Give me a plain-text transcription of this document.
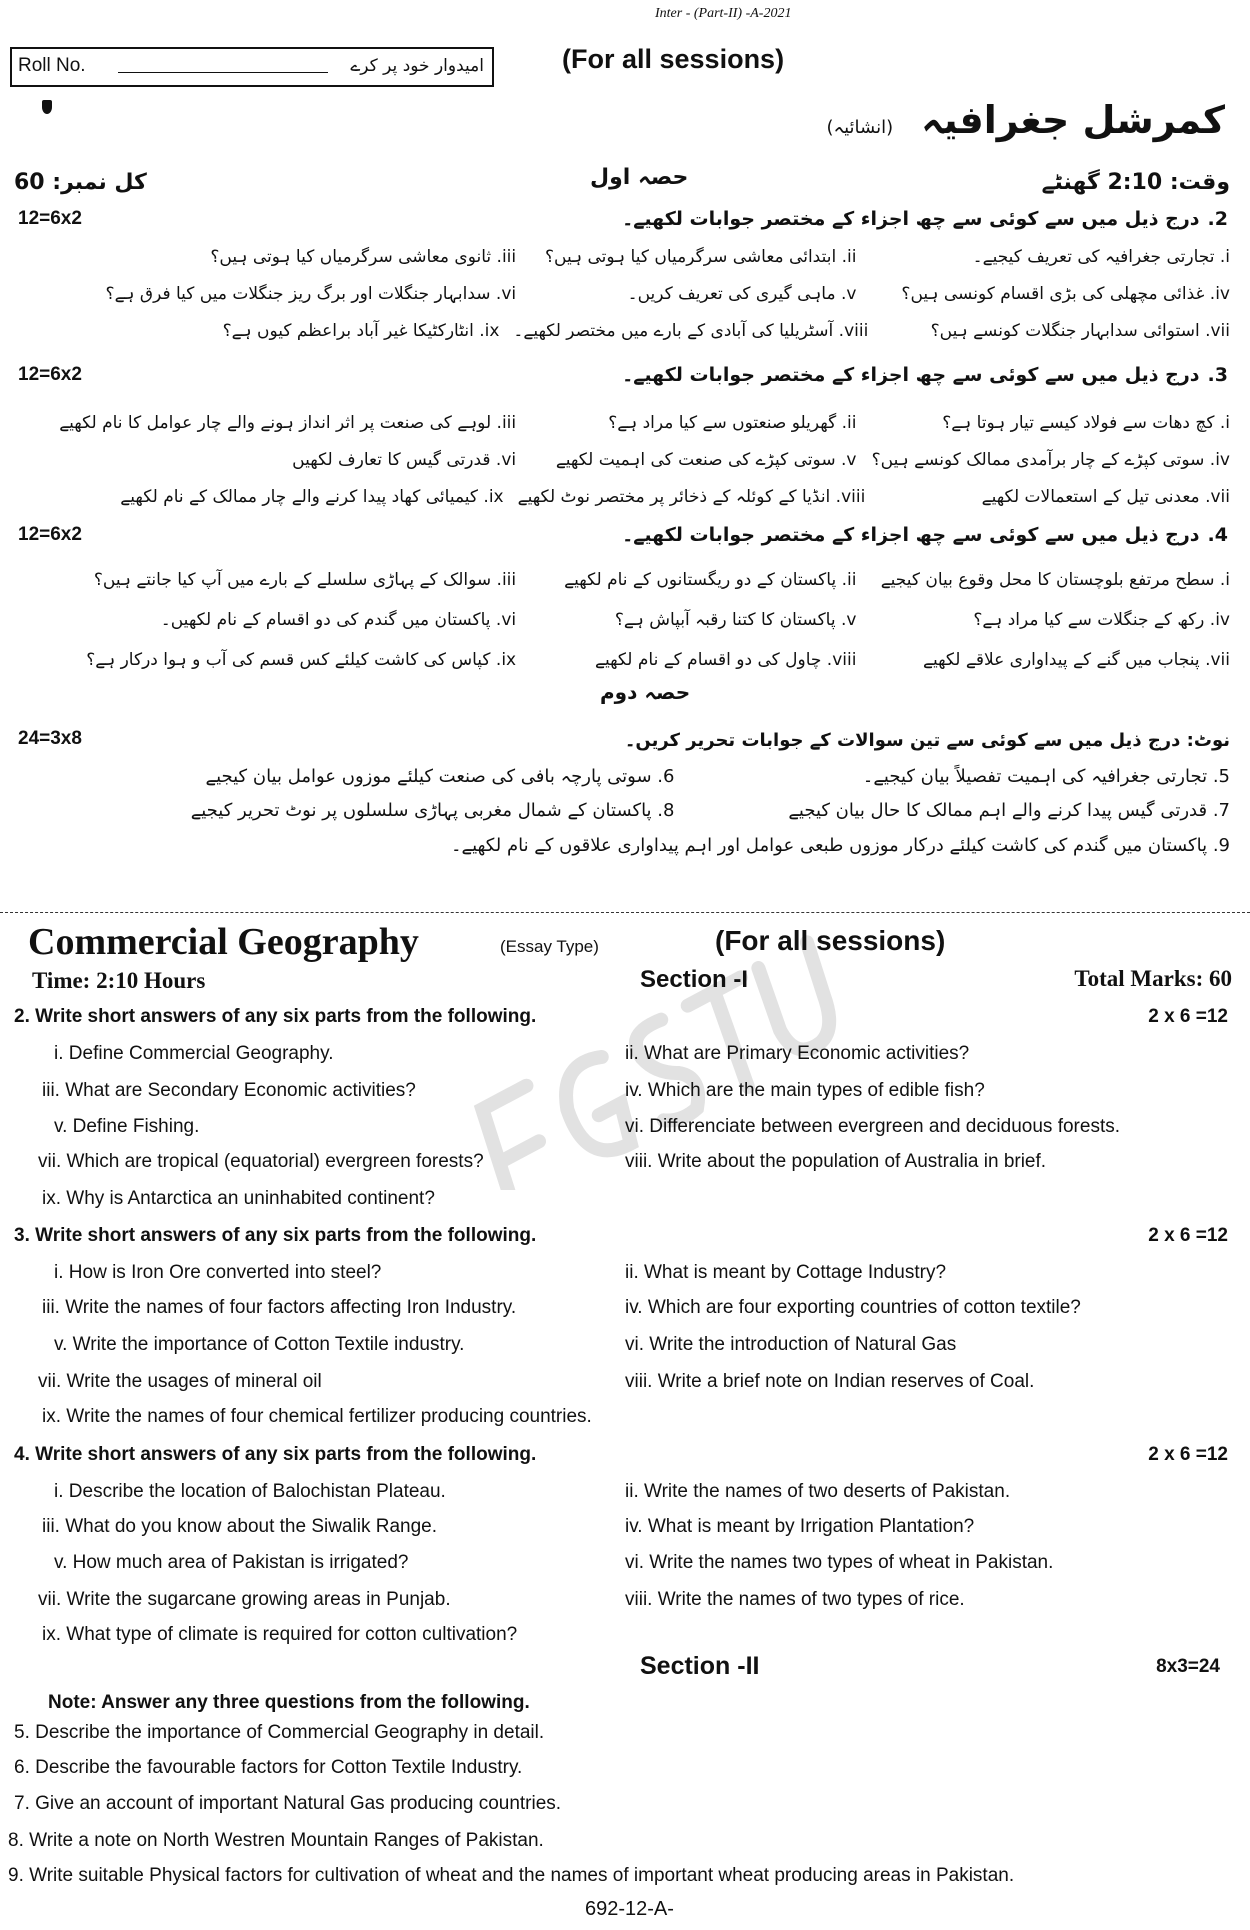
Inter - (Part-II) -A-2021
Roll No.	امیدوار خود پر کرے	(For all sessions)
کمرشل جغرافیہ
(انشائیہ)
کل نمبر: 60	حصہ اول	وقت: 2:10 گھنٹے
2.
درج ذیل میں سے کوئی سے چھ اجزاء کے مختصر جوابات لکھیے۔
12=6x2
i. تجارتی جغرافیہ کی تعریف کیجیے۔
ii. ابتدائی معاشی سرگرمیاں کیا ہوتی ہیں؟
iii. ثانوی معاشی سرگرمیاں کیا ہوتی ہیں؟
iv. غذائی مچھلی کی بڑی اقسام کونسی ہیں؟
v. ماہی گیری کی تعریف کریں۔
vi. سدابہار جنگلات اور برگ ریز جنگلات میں کیا فرق ہے؟
vii. استوائی سدابہار جنگلات کونسے ہیں؟
viii. آسٹریلیا کی آبادی کے بارے میں مختصر لکھیے۔
ix. انٹارکٹیکا غیر آباد براعظم کیوں ہے؟
3.
درج ذیل میں سے کوئی سے چھ اجزاء کے مختصر جوابات لکھیے۔
12=6x2
i. کچ دھات سے فولاد کیسے تیار ہوتا ہے؟
ii. گھریلو صنعتوں سے کیا مراد ہے؟
iii. لوہے کی صنعت پر اثر انداز ہونے والے چار عوامل کا نام لکھیے
iv. سوتی کپڑے کے چار برآمدی ممالک کونسے ہیں؟
v. سوتی کپڑے کی صنعت کی اہمیت لکھیے
vi. قدرتی گیس کا تعارف لکھیں
vii. معدنی تیل کے استعمالات لکھیے
viii. انڈیا کے کوئلہ کے ذخائر پر مختصر نوٹ لکھیے
ix. کیمیائی کھاد پیدا کرنے والے چار ممالک کے نام لکھیے
4.
درج ذیل میں سے کوئی سے چھ اجزاء کے مختصر جوابات لکھیے۔
12=6x2
i. سطح مرتفع بلوچستان کا محل وقوع بیان کیجیے
ii. پاکستان کے دو ریگستانوں کے نام لکھیے
iii. سوالک کے پہاڑی سلسلے کے بارے میں آپ کیا جانتے ہیں؟
iv. رکھ کے جنگلات سے کیا مراد ہے؟
v. پاکستان کا کتنا رقبہ آبپاش ہے؟
vi. پاکستان میں گندم کی دو اقسام کے نام لکھیں۔
vii. پنجاب میں گنے کے پیداواری علاقے لکھیے
viii. چاول کی دو اقسام کے نام لکھیے
ix. کپاس کی کاشت کیلئے کس قسم کی آب و ہوا درکار ہے؟
5. تجارتی جغرافیہ کی اہمیت تفصیلاً بیان کیجیے۔
6. سوتی پارچہ بافی کی صنعت کیلئے موزوں عوامل بیان کیجیے
7. قدرتی گیس پیدا کرنے والے اہم ممالک کا حال بیان کیجیے
8. پاکستان کے شمال مغربی پہاڑی سلسلوں پر نوٹ تحریر کیجیے
9. پاکستان میں گندم کی کاشت کیلئے درکار موزوں طبعی عوامل اور اہم پیداواری علاقوں کے نام لکھیے۔
حصہ دوم
نوٹ: درج ذیل میں سے کوئی سے تین سوالات کے جوابات تحریر کریں۔
24=3x8
Commercial Geography	(Essay Type)	(For all sessions)
Time: 2:10 Hours	Section -I	Total Marks: 60
2. Write short answers of any six parts from the following.	2 x 6 =12
i. Define Commercial Geography.	ii. What are Primary Economic activities?
iii. What are Secondary Economic activities?	iv. Which are the main types of edible fish?
v. Define Fishing.	vi. Differenciate between evergreen and deciduous forests.
vii. Which are tropical (equatorial) evergreen forests?	viii. Write about the population of Australia in brief.
ix. Why is Antarctica an uninhabited continent?
3. Write short answers of any six parts from the following.	2 x 6 =12
i. How is Iron Ore converted into steel?	ii. What is meant by Cottage Industry?
iii. Write the names of four factors affecting Iron Industry.	iv. Which are four exporting countries of cotton textile?
v. Write the importance of Cotton Textile industry.	vi. Write the introduction of Natural Gas
vii. Write the usages of mineral oil	viii. Write a brief note on Indian reserves of Coal.
ix. Write the names of four chemical fertilizer producing countries.
4. Write short answers of any six parts from the following.	2 x 6 =12
i. Describe the location of Balochistan Plateau.	ii. Write the names of two deserts of Pakistan.
iii. What do you know about the Siwalik Range.	iv. What is meant by Irrigation Plantation?
v. How much area of Pakistan is irrigated?	vi. Write the names two types of wheat in Pakistan.
vii. Write the sugarcane growing areas in Punjab.	viii. Write the names of two types of rice.
ix. What type of climate is required for cotton cultivation?
5. Describe the importance of Commercial Geography in detail.
6. Describe the favourable factors for Cotton Textile Industry.
7. Give an account of important Natural Gas producing countries.
8. Write a note on North Westren Mountain Ranges of Pakistan.
9. Write suitable Physical factors for cultivation of wheat and the names of important wheat producing areas in Pakistan.
Section -II	8x3=24
Note: Answer any three questions from the following.
692-12-A-
